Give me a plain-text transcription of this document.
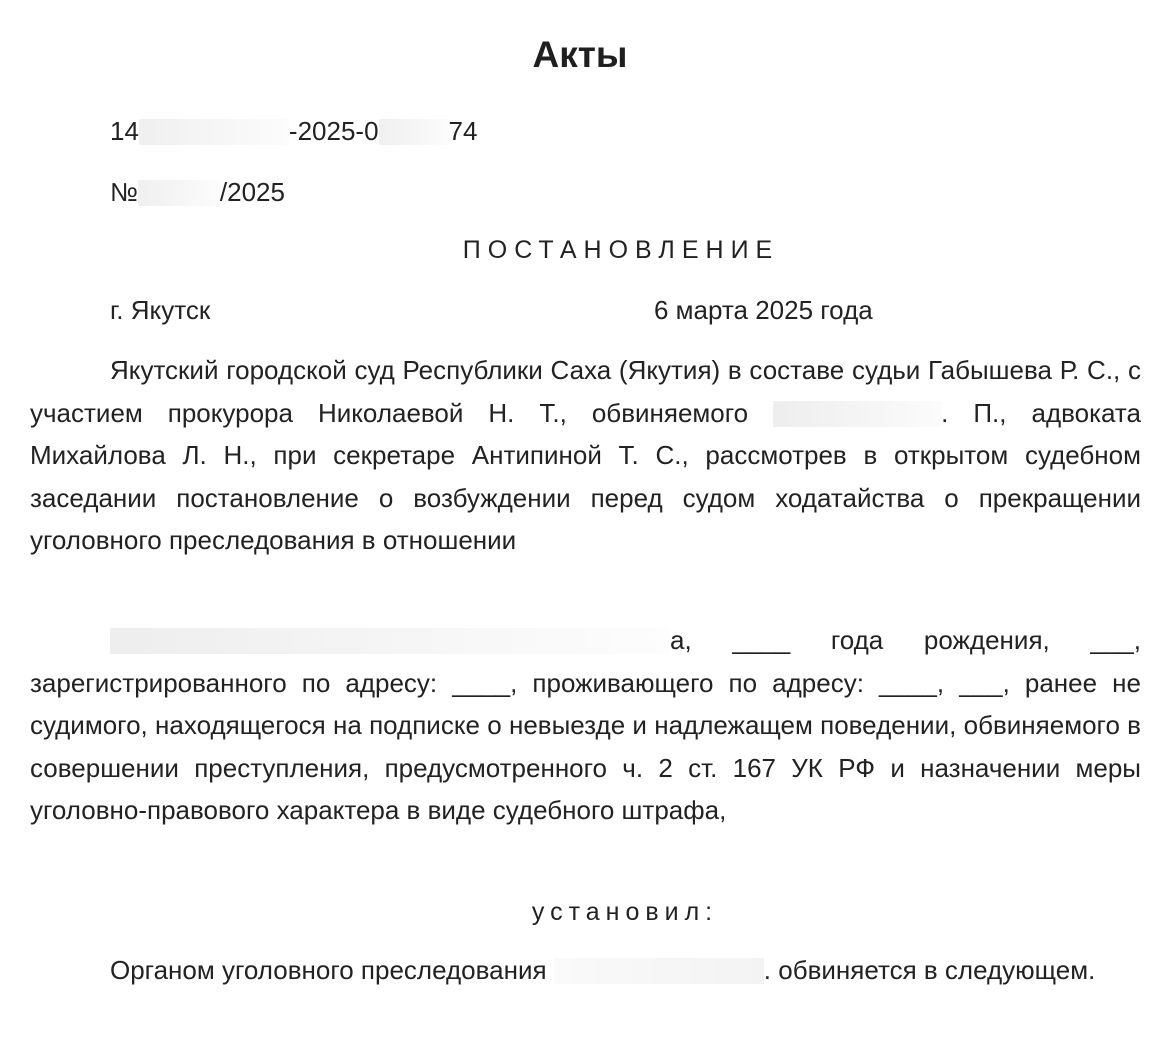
Акты
14	-2025-0	74
№	/2025
ПОСТАНОВЛЕНИЕ
г. Якутск	6 марта 2025 года

Якутский городской суд Республики Саха (Якутия) в составе судьи Габышева Р. С., с участием прокурора Николаевой Н. Т., обвиняемого	. П., адвоката Михайлова Л. Н., при секретаре Антипиной Т. С., рассмотрев в открытом судебном заседании постановление о возбуждении перед судом ходатайства о прекращении уголовного преследования в отношении

а, ____ года рождения, ___, зарегистрированного по адресу: ____, проживающего по адресу: ____, ___, ранее не судимого, находящегося на подписке о невыезде и надлежащем поведении, обвиняемого в совершении преступления, предусмотренного ч. 2 ст. 167 УК РФ и назначении меры уголовно-правового характера в виде судебного штрафа,

установил:

Органом уголовного преследования	. обвиняется в следующем.
